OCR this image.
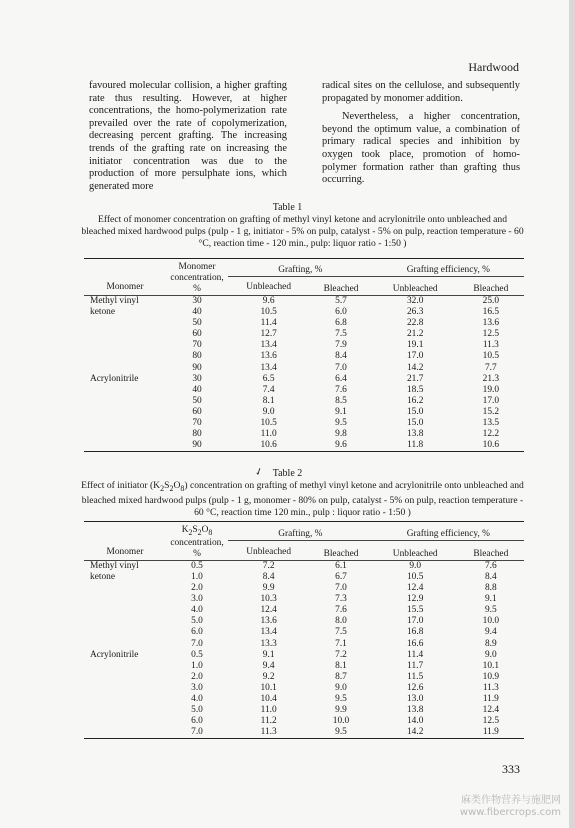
Hardwood

favoured molecular collision, a higher grafting rate thus resulting. However, at higher concentrations, the homo-polymerization rate prevailed over the rate of copolymerization, decreasing percent grafting. The increasing trends of the grafting rate on increasing the initiator concentration was due to the production of more persulphate ions, which generated more

radical sites on the cellulose, and subsequently propagated by monomer addition.

Nevertheless, a higher concentration, beyond the optimum value, a combination of primary radical species and inhibition by oxygen took place, promotion of homo-polymer formation rather than grafting thus occurring.

Table 1
Effect of monomer concentration on grafting of methyl vinyl ketone and acrylonitrile onto unbleached and bleached mixed hardwood pulps (pulp - 1 g, initiator - 5% on pulp, catalyst - 5% on pulp, reaction temperature - 60 °C, reaction time - 120 min., pulp: liquor ratio - 1:50 )
Monomer	Monomer concentration, %	Grafting, %		Grafting efficiency, %	
		Unbleached	Bleached	Unbleached	Bleached
Methyl vinyl	30	9.6	5.7	32.0	25.0
ketone	40	10.5	6.0	26.3	16.5
	50	11.4	6.8	22.8	13.6
	60	12.7	7.5	21.2	12.5
	70	13.4	7.9	19.1	11.3
	80	13.6	8.4	17.0	10.5
	90	13.4	7.0	14.2	7.7
Acrylonitrile	30	6.5	6.4	21.7	21.3
	40	7.4	7.6	18.5	19.0
	50	8.1	8.5	16.2	17.0
	60	9.0	9.1	15.0	15.2
	70	10.5	9.5	15.0	13.5
	80	11.0	9.8	13.8	12.2
	90	10.6	9.6	11.8	10.6
✓ Table 2
Effect of initiator $(K_2S_2O_8)$ concentration on grafting of methyl vinyl ketone and acrylonitrile onto unbleached and bleached mixed hardwood pulps (pulp - 1 g, monomer - 80% on pulp, catalyst - 5% on pulp, reaction temperature - 60 °C, reaction time 120 min., pulp : liquor ratio - 1:50 )
Monomer	$K_2S_2O_8$ concentration, %	Grafting, %		Grafting efficiency, %	
		Unbleached	Bleached	Unbleached	Bleached
Methyl vinyl	0.5	7.2	6.1	9.0	7.6
ketone	1.0	8.4	6.7	10.5	8.4
	2.0	9.9	7.0	12.4	8.8
	3.0	10.3	7.3	12.9	9.1
	4.0	12.4	7.6	15.5	9.5
	5.0	13.6	8.0	17.0	10.0
	6.0	13.4	7.5	16.8	9.4
	7.0	13.3	7.1	16.6	8.9
Acrylonitrile	0.5	9.1	7.2	11.4	9.0
	1.0	9.4	8.1	11.7	10.1
	2.0	9.2	8.7	11.5	10.9
	3.0	10.1	9.0	12.6	11.3
	4.0	10.4	9.5	13.0	11.9
	5.0	11.0	9.9	13.8	12.4
	6.0	11.2	10.0	14.0	12.5
	7.0	11.3	9.5	14.2	11.9
333
麻类作物营养与施肥网
www.fibercrops.com
